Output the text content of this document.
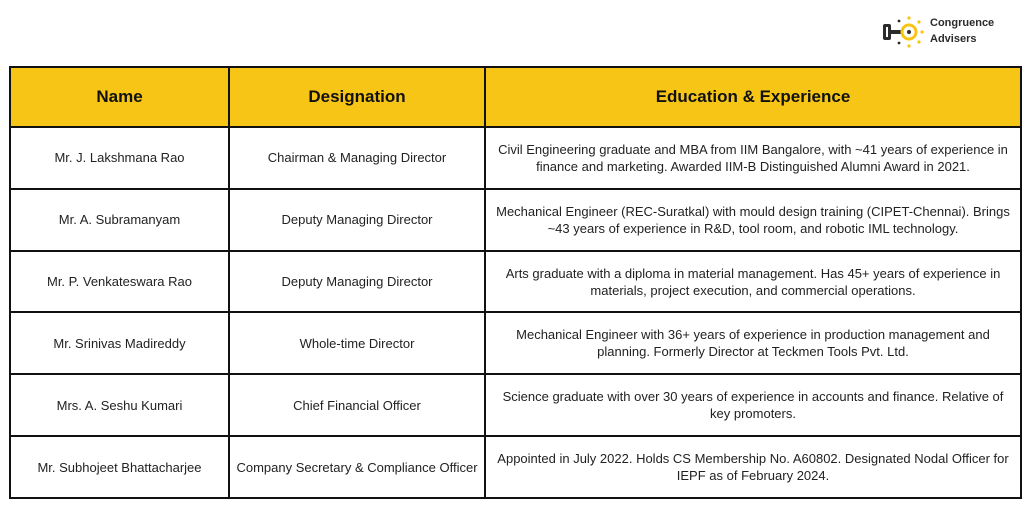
Congruence
Advisers
Name	Designation	Education & Experience
Mr. J. Lakshmana Rao	Chairman & Managing Director	Civil Engineering graduate and MBA from IIM Bangalore, with ~41 years of experience in finance and marketing. Awarded IIM-B Distinguished Alumni Award in 2021.
Mr. A. Subramanyam	Deputy Managing Director	Mechanical Engineer (REC-Suratkal) with mould design training (CIPET-Chennai). Brings ~43 years of experience in R&D, tool room, and robotic IML technology.
Mr. P. Venkateswara Rao	Deputy Managing Director	Arts graduate with a diploma in material management. Has 45+ years of experience in materials, project execution, and commercial operations.
Mr. Srinivas Madireddy	Whole-time Director	Mechanical Engineer with 36+ years of experience in production management and planning. Formerly Director at Teckmen Tools Pvt. Ltd.
Mrs. A. Seshu Kumari	Chief Financial Officer	Science graduate with over 30 years of experience in accounts and finance. Relative of key promoters.
Mr. Subhojeet Bhattacharjee	Company Secretary & Compliance Officer	Appointed in July 2022. Holds CS Membership No. A60802. Designated Nodal Officer for IEPF as of February 2024.
